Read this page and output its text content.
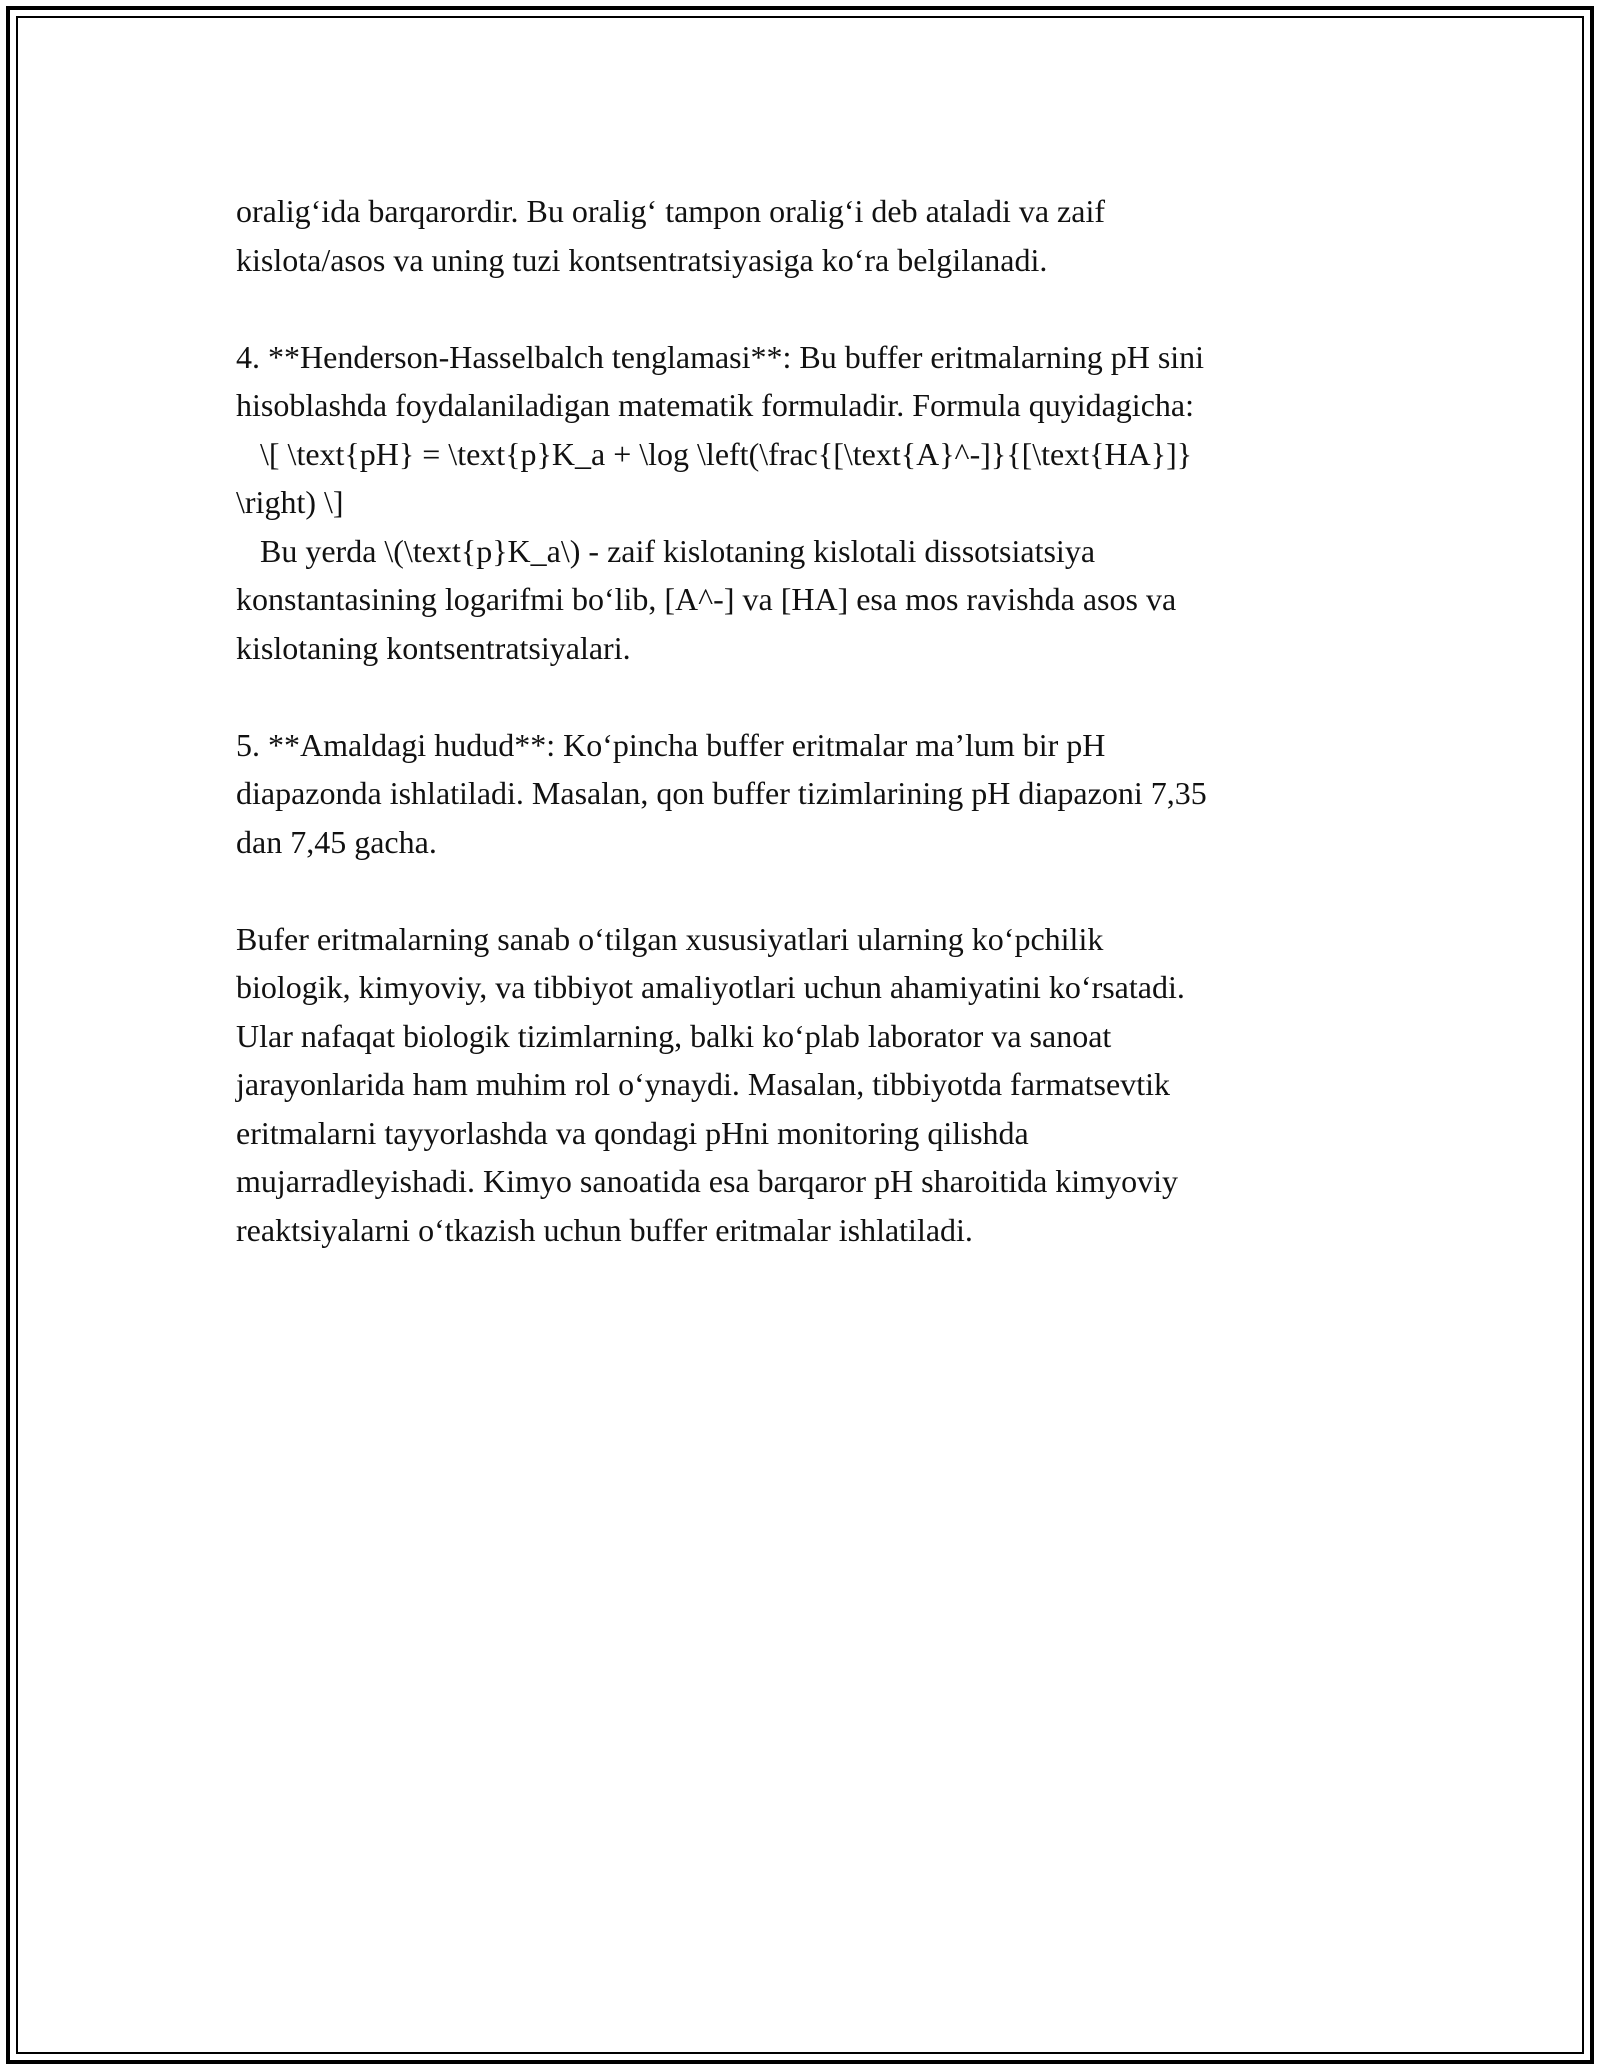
oralig‘ida barqarordir. Bu oralig‘ tampon oralig‘i deb ataladi va zaif

kislota/asos va uning tuzi kontsentratsiyasiga ko‘ra belgilanadi.

4. **Henderson-Hasselbalch tenglamasi**: Bu buffer eritmalarning pH sini

hisoblashda foydalaniladigan matematik formuladir. Formula quyidagicha:

\[ \text{pH} = \text{p}K_a + \log \left(\frac{[\text{A}^-]}{[\text{HA}]}

\right) \]

Bu yerda \(\text{p}K_a\) - zaif kislotaning kislotali dissotsiatsiya

konstantasining logarifmi bo‘lib, [A^-] va [HA] esa mos ravishda asos va

kislotaning kontsentratsiyalari.

5. **Amaldagi hudud**: Ko‘pincha buffer eritmalar ma’lum bir pH

diapazonda ishlatiladi. Masalan, qon buffer tizimlarining pH diapazoni 7,35

dan 7,45 gacha.

Bufer eritmalarning sanab o‘tilgan xususiyatlari ularning ko‘pchilik

biologik, kimyoviy, va tibbiyot amaliyotlari uchun ahamiyatini ko‘rsatadi.

Ular nafaqat biologik tizimlarning, balki ko‘plab laborator va sanoat

jarayonlarida ham muhim rol o‘ynaydi. Masalan, tibbiyotda farmatsevtik

eritmalarni tayyorlashda va qondagi pHni monitoring qilishda

mujarradleyishadi. Kimyo sanoatida esa barqaror pH sharoitida kimyoviy

reaktsiyalarni o‘tkazish uchun buffer eritmalar ishlatiladi.
